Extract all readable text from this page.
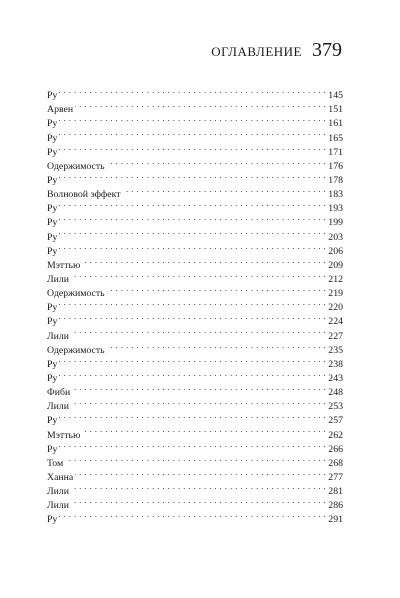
ОГЛАВЛЕНИЕ 379
Ру . . .	145
Арвен . . .	151
Ру . . .	161
Ру . . .	165
Ру . . .	171
Одержимость . . .	176
Ру . . .	178
Волновой эффект . . .	183
Ру . . .	193
Ру . . .	199
Ру . . .	203
Ру . . .	206
Мэттью . . .	209
Лили . . .	212
Одержимость . . .	219
Ру . . .	220
Ру . . .	224
Лили . . .	227
Одержимость . . .	235
Ру . . .	238
Ру . . .	243
Фиби . . .	248
Лили . . .	253
Ру . . .	257
Мэттью . . .	262
Ру . . .	266
Том . . .	268
Ханна . . .	277
Лили . . .	281
Лили . . .	286
Ру . . .	291
